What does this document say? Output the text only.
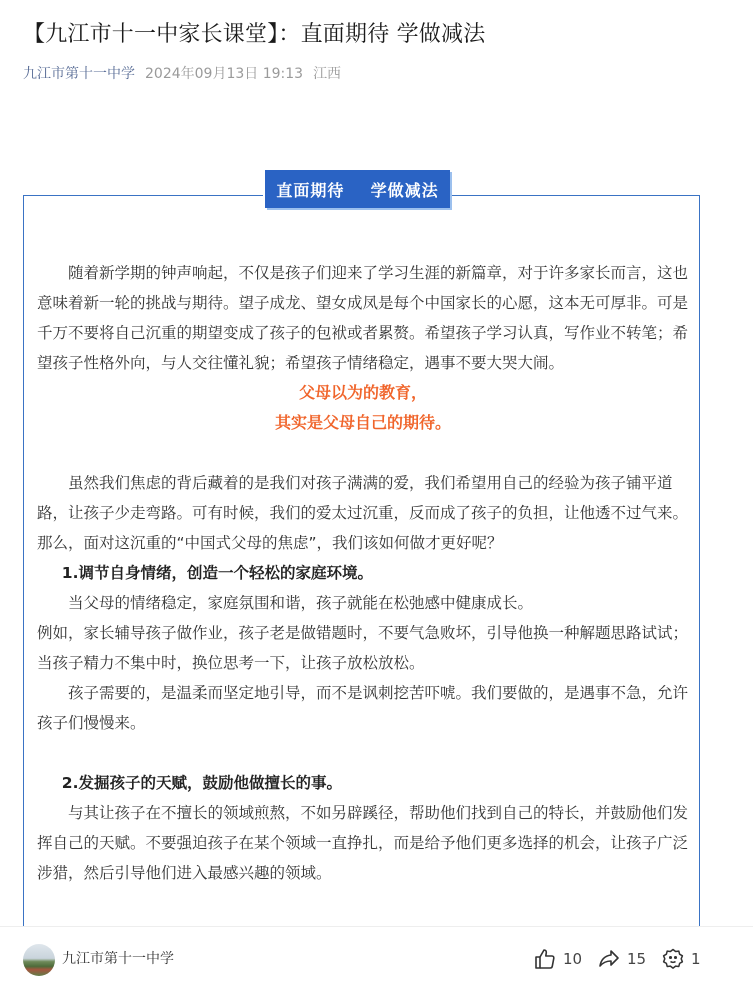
【九江市十一中家长课堂】：直面期待 学做减法
九江市第十一中学 2024年09月13日 19:13 江西
直面期待
学做减法

随着新学期的钟声响起，不仅是孩子们迎来了学习生涯的新篇章，对于许多家长而言，这也意味着新一轮的挑战与期待。望子成龙、望女成凤是每个中国家长的心愿，这本无可厚非。可是千万不要将自己沉重的期望变成了孩子的包袱或者累赘。希望孩子学习认真，写作业不转笔；希望孩子性格外向，与人交往懂礼貌；希望孩子情绪稳定，遇事不要大哭大闹。

父母以为的教育，

其实是父母自己的期待。

虽然我们焦虑的背后藏着的是我们对孩子满满的爱，我们希望用自己的经验为孩子铺平道路，让孩子少走弯路。可有时候，我们的爱太过沉重，反而成了孩子的负担，让他透不过气来。

那么，面对这沉重的“中国式父母的焦虑”，我们该如何做才更好呢？

1.调节自身情绪，创造一个轻松的家庭环境。

当父母的情绪稳定，家庭氛围和谐，孩子就能在松弛感中健康成长。

例如，家长辅导孩子做作业，孩子老是做错题时，不要气急败坏，引导他换一种解题思路试试；当孩子精力不集中时，换位思考一下，让孩子放松放松。

孩子需要的，是温柔而坚定地引导，而不是讽刺挖苦吓唬。我们要做的，是遇事不急，允许孩子们慢慢来。

2.发掘孩子的天赋，鼓励他做擅长的事。

与其让孩子在不擅长的领域煎熬，不如另辟蹊径，帮助他们找到自己的特长，并鼓励他们发挥自己的天赋。不要强迫孩子在某个领域一直挣扎，而是给予他们更多选择的机会，让孩子广泛涉猎，然后引导他们进入最感兴趣的领域。

九江市第十一中学	10	15	1
